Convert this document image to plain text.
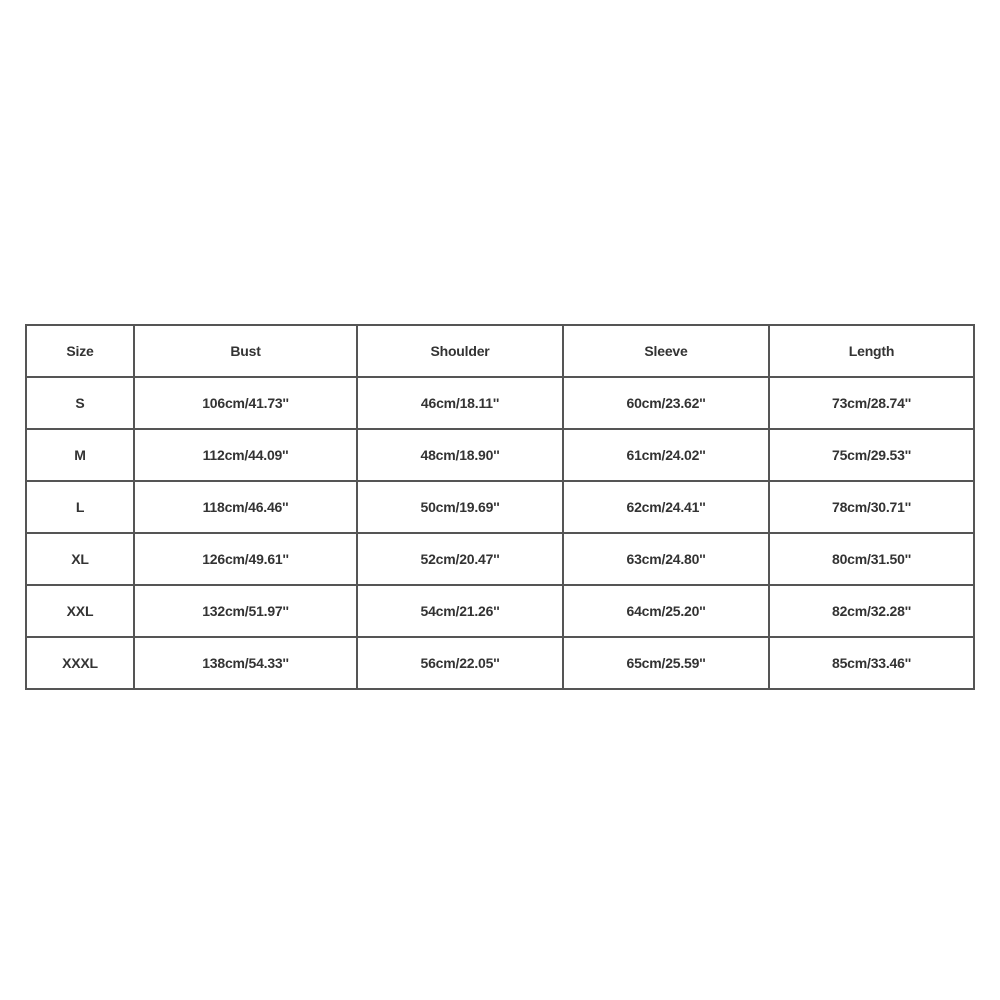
Size	Bust	Shoulder	Sleeve	Length
S	106cm/41.73''	46cm/18.11''	60cm/23.62''	73cm/28.74''
M	112cm/44.09''	48cm/18.90''	61cm/24.02''	75cm/29.53''
L	118cm/46.46''	50cm/19.69''	62cm/24.41''	78cm/30.71''
XL	126cm/49.61''	52cm/20.47''	63cm/24.80''	80cm/31.50''
XXL	132cm/51.97''	54cm/21.26''	64cm/25.20''	82cm/32.28''
XXXL	138cm/54.33''	56cm/22.05''	65cm/25.59''	85cm/33.46''
